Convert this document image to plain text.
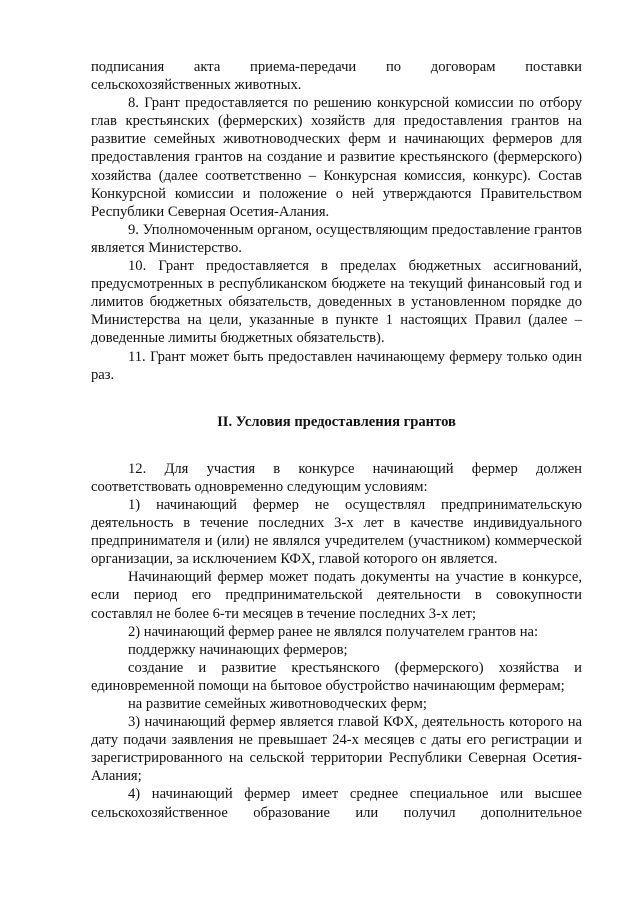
подписания акта приема-передачи по договорам поставки сельскохозяйственных животных.

8. Грант предоставляется по решению конкурсной комиссии по отбору глав крестьянских (фермерских) хозяйств для предоставления грантов на развитие семейных животноводческих ферм и начинающих фермеров для предоставления грантов на создание и развитие крестьянского (фермерского) хозяйства (далее соответственно – Конкурсная комиссия, конкурс). Состав Конкурсной комиссии и положение о ней утверждаются Правительством Республики Северная Осетия-Алания.

9. Уполномоченным органом, осуществляющим предоставление грантов является Министерство.

10. Грант предоставляется в пределах бюджетных ассигнований, предусмотренных в республиканском бюджете на текущий финансовый год и лимитов бюджетных обязательств, доведенных в установленном порядке до Министерства на цели, указанные в пункте 1 настоящих Правил (далее – доведенные лимиты бюджетных обязательств).

11. Грант может быть предоставлен начинающему фермеру только один раз.

II. Условия предоставления грантов

12. Для участия в конкурсе начинающий фермер должен соответствовать одновременно следующим условиям:

1) начинающий фермер не осуществлял предпринимательскую деятельность в течение последних 3-х лет в качестве индивидуального предпринимателя и (или) не являлся учредителем (участником) коммерческой организации, за исключением КФХ, главой которого он является.

Начинающий фермер может подать документы на участие в конкурсе, если период его предпринимательской деятельности в совокупности составлял не более 6-ти месяцев в течение последних 3-х лет;

2) начинающий фермер ранее не являлся получателем грантов на:

поддержку начинающих фермеров;

создание и развитие крестьянского (фермерского) хозяйства и единовременной помощи на бытовое обустройство начинающим фермерам;

на развитие семейных животноводческих ферм;

3) начинающий фермер является главой КФХ, деятельность которого на дату подачи заявления не превышает 24-х месяцев с даты его регистрации и зарегистрированного на сельской территории Республики Северная Осетия-Алания;

4) начинающий фермер имеет среднее специальное или высшее сельскохозяйственное образование или получил дополнительное
